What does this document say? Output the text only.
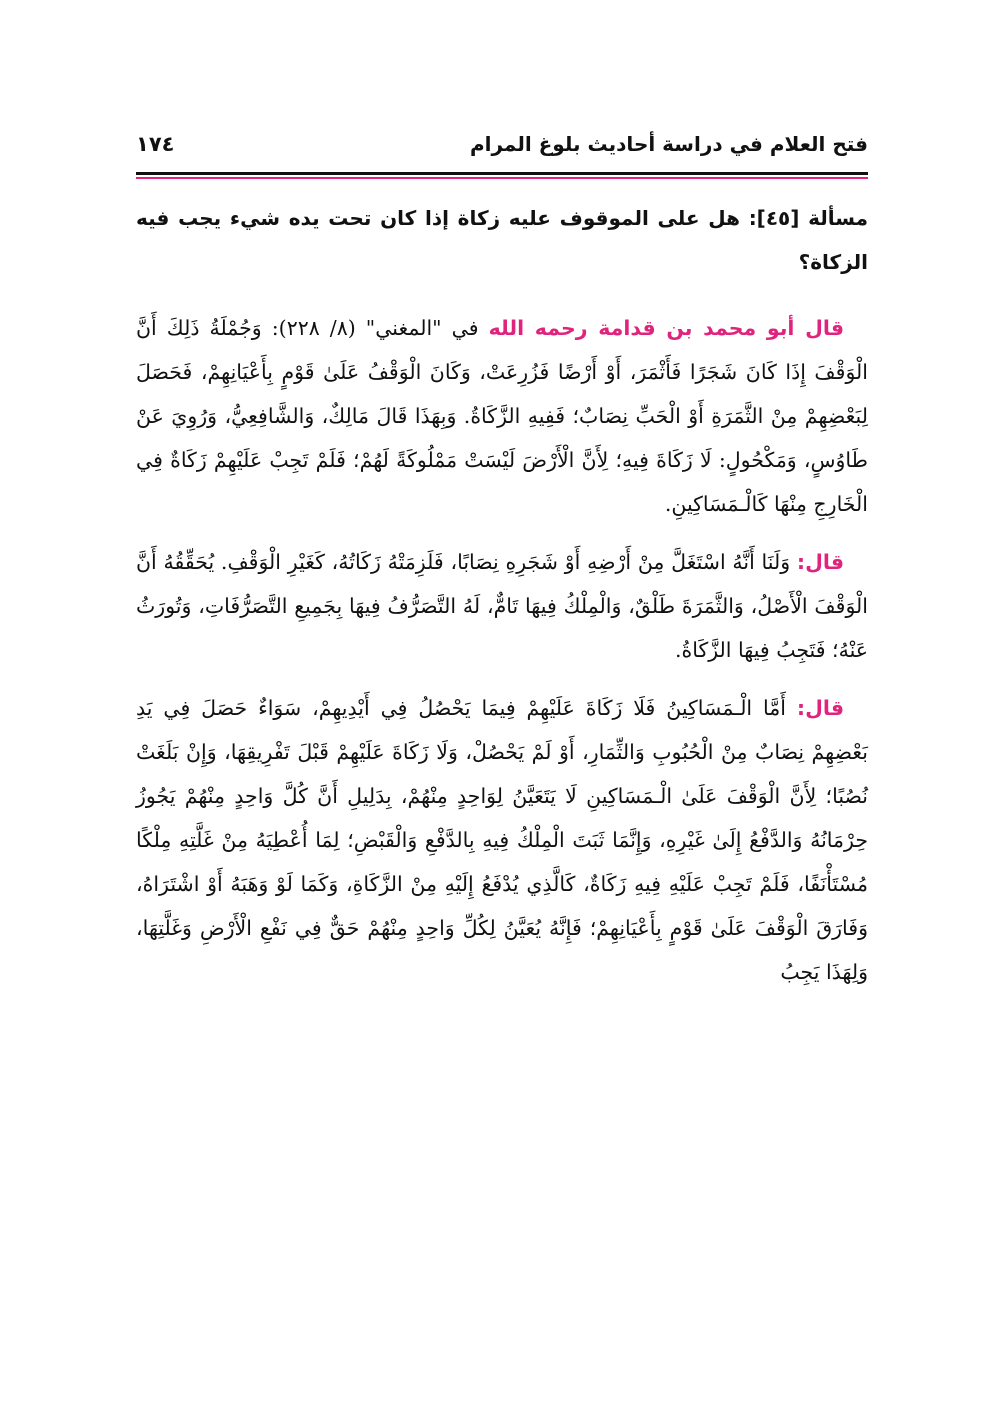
فتح العلام في دراسة أحاديث بلوغ المرام
١٧٤

مسألة [٤٥]: هل على الموقوف عليه زكاة إذا كان تحت يده شيء يجب فيه الزكاة؟

قال أبو محمد بن قدامة رحمه الله في "المغني" (٨/ ٢٢٨): وَجُمْلَةُ ذَلِكَ أَنَّ الْوَقْفَ إِذَا كَانَ شَجَرًا فَأَثْمَرَ، أَوْ أَرْضًا فَزُرِعَتْ، وَكَانَ الْوَقْفُ عَلَىٰ قَوْمٍ بِأَعْيَانِهِمْ، فَحَصَلَ لِبَعْضِهِمْ مِنْ الثَّمَرَةِ أَوْ الْحَبِّ نِصَابٌ؛ فَفِيهِ الزَّكَاةُ. وَبِهَذَا قَالَ مَالِكٌ، وَالشَّافِعِيُّ، وَرُوِيَ عَنْ طَاوُسٍ، وَمَكْحُولٍ: لَا زَكَاةَ فِيهِ؛ لِأَنَّ الْأَرْضَ لَيْسَتْ مَمْلُوكَةً لَهُمْ؛ فَلَمْ تَجِبْ عَلَيْهِمْ زَكَاةٌ فِي الْخَارِجِ مِنْهَا كَالْـمَسَاكِينِ.

قال: وَلَنَا أَنَّهُ اسْتَغَلَّ مِنْ أَرْضِهِ أَوْ شَجَرِهِ نِصَابًا، فَلَزِمَتْهُ زَكَاتُهُ، كَغَيْرِ الْوَقْفِ. يُحَقِّقُهُ أَنَّ الْوَقْفَ الْأَصْلُ، وَالثَّمَرَةَ طَلْقٌ، وَالْمِلْكُ فِيهَا تَامٌّ، لَهُ التَّصَرُّفُ فِيهَا بِجَمِيعِ التَّصَرُّفَاتِ، وَتُورَثُ عَنْهُ؛ فَتَجِبُ فِيهَا الزَّكَاةُ.

قال: أَمَّا الْـمَسَاكِينُ فَلَا زَكَاةَ عَلَيْهِمْ فِيمَا يَحْصُلُ فِي أَيْدِيهِمْ، سَوَاءٌ حَصَلَ فِي يَدِ بَعْضِهِمْ نِصَابٌ مِنْ الْحُبُوبِ وَالثِّمَارِ، أَوْ لَمْ يَحْصُلْ، وَلَا زَكَاةَ عَلَيْهِمْ قَبْلَ تَفْرِيقِهَا، وَإِنْ بَلَغَتْ نُصُبًا؛ لِأَنَّ الْوَقْفَ عَلَىٰ الْـمَسَاكِينِ لَا يَتَعَيَّنُ لِوَاحِدٍ مِنْهُمْ، بِدَلِيلِ أَنَّ كُلَّ وَاحِدٍ مِنْهُمْ يَجُوزُ حِرْمَانُهُ وَالدَّفْعُ إِلَىٰ غَيْرِهِ، وَإِنَّمَا ثَبَتَ الْمِلْكُ فِيهِ بِالدَّفْعِ وَالْقَبْضِ؛ لِمَا أُعْطِيَهُ مِنْ غَلَّتِهِ مِلْكًا مُسْتَأْنَفًا، فَلَمْ تَجِبْ عَلَيْهِ فِيهِ زَكَاةٌ، كَالَّذِي يُدْفَعُ إِلَيْهِ مِنْ الزَّكَاةِ، وَكَمَا لَوْ وَهَبَهُ أَوْ اشْتَرَاهُ، وَفَارَقَ الْوَقْفَ عَلَىٰ قَوْمٍ بِأَعْيَانِهِمْ؛ فَإِنَّهُ يُعَيَّنُ لِكُلِّ وَاحِدٍ مِنْهُمْ حَقٌّ فِي نَفْعِ الْأَرْضِ وَغَلَّتِهَا، وَلِهَذَا يَجِبُ
